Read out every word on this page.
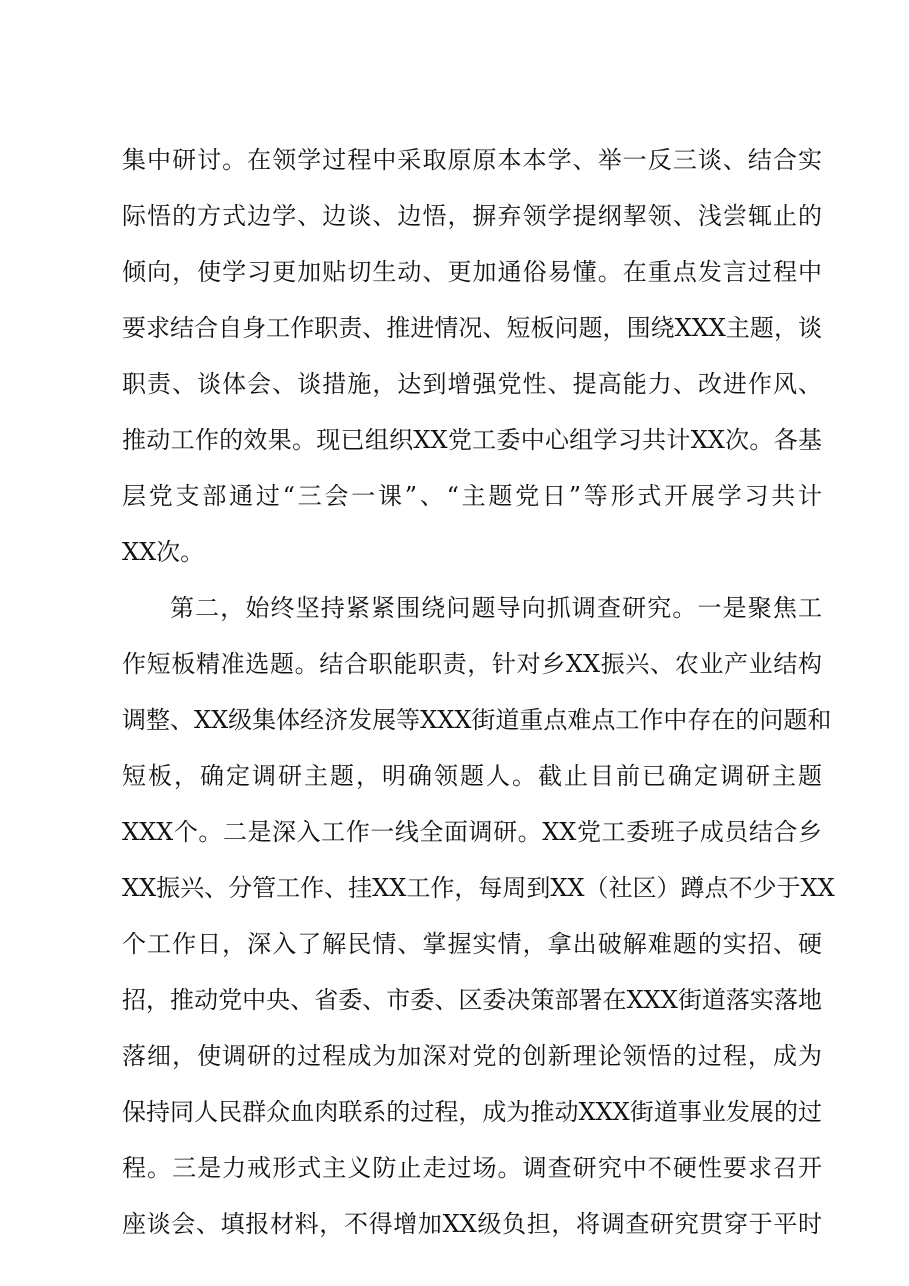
集中研讨。在领学过程中采取原原本本学、举一反三谈、结合实
际悟的方式边学、边谈、边悟，摒弃领学提纲挈领、浅尝辄止的
倾向，使学习更加贴切生动、更加通俗易懂。在重点发言过程中
要求结合自身工作职责、推进情况、短板问题，围绕XXX主题，谈
职责、谈体会、谈措施，达到增强党性、提高能力、改进作风、
推动工作的效果。现已组织XX党工委中心组学习共计XX次。各基
层党支部通过“三会一课”、“主题党日”等形式开展学习共计
XX次。
第二，始终坚持紧紧围绕问题导向抓调查研究。一是聚焦工
作短板精准选题。结合职能职责，针对乡XX振兴、农业产业结构
调整、XX级集体经济发展等XXX街道重点难点工作中存在的问题和
短板，确定调研主题，明确领题人。截止目前已确定调研主题
XXX个。二是深入工作一线全面调研。XX党工委班子成员结合乡
XX振兴、分管工作、挂XX工作，每周到XX（社区）蹲点不少于XX
个工作日，深入了解民情、掌握实情，拿出破解难题的实招、硬
招，推动党中央、省委、市委、区委决策部署在XXX街道落实落地
落细，使调研的过程成为加深对党的创新理论领悟的过程，成为
保持同人民群众血肉联系的过程，成为推动XXX街道事业发展的过
程。三是力戒形式主义防止走过场。调查研究中不硬性要求召开
座谈会、填报材料，不得增加XX级负担，将调查研究贯穿于平时
